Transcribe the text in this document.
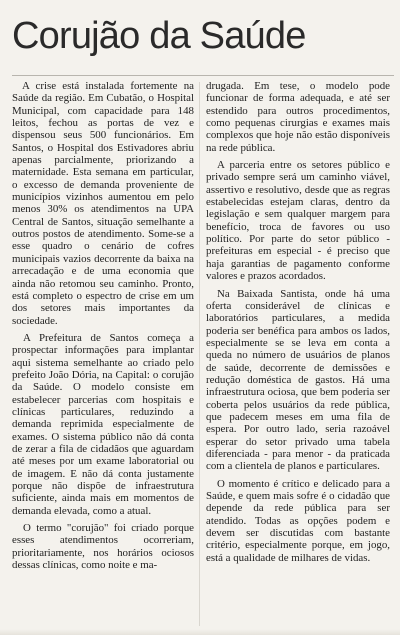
Corujão da Saúde

A crise está instalada fortemente na Saúde da região. Em Cubatão, o Hospital Municipal, com capacidade para 148 leitos, fechou as portas de vez e dispensou seus 500 funcionários. Em Santos, o Hospital dos Estivadores abriu apenas parcialmente, priorizando a maternidade. Esta semana em particular, o excesso de demanda proveniente de municípios vizinhos aumentou em pelo menos 30% os atendimentos na UPA Central de Santos, situação semelhante a outros postos de atendimento. Some-se a esse quadro o cenário de cofres municipais vazios decorrente da baixa na arrecadação e de uma economia que ainda não retomou seu caminho. Pronto, está completo o espectro de crise em um dos setores mais importantes da sociedade.

A Prefeitura de Santos começa a prospectar informações para implantar aqui sistema semelhante ao criado pelo prefeito João Dória, na Capital: o corujão da Saúde. O modelo consiste em estabelecer parcerias com hospitais e clínicas particulares, reduzindo a demanda reprimida especialmente de exames. O sistema público não dá conta de zerar a fila de cidadãos que aguardam até meses por um exame laboratorial ou de imagem. E não dá conta justamente porque não dispõe de infraestrutura suficiente, ainda mais em momentos de demanda elevada, como a atual.

O termo "corujão" foi criado porque esses atendimentos ocorreriam, prioritariamente, nos horários ociosos dessas clínicas, como noite e ma-

drugada. Em tese, o modelo pode funcionar de forma adequada, e até ser estendido para outros procedimentos, como pequenas cirurgias e exames mais complexos que hoje não estão disponíveis na rede pública.

A parceria entre os setores público e privado sempre será um caminho viável, assertivo e resolutivo, desde que as regras estabelecidas estejam claras, dentro da legislação e sem qualquer margem para benefício, troca de favores ou uso político. Por parte do setor público - prefeituras em especial - é preciso que haja garantias de pagamento conforme valores e prazos acordados.

Na Baixada Santista, onde há uma oferta considerável de clínicas e laboratórios particulares, a medida poderia ser benéfica para ambos os lados, especialmente se se leva em conta a queda no número de usuários de planos de saúde, decorrente de demissões e redução doméstica de gastos. Há uma infraestrutura ociosa, que bem poderia ser coberta pelos usuários da rede pública, que padecem meses em uma fila de espera. Por outro lado, seria razoável esperar do setor privado uma tabela diferenciada - para menor - da praticada com a clientela de planos e particulares.

O momento é crítico e delicado para a Saúde, e quem mais sofre é o cidadão que depende da rede pública para ser atendido. Todas as opções podem e devem ser discutidas com bastante critério, especialmente porque, em jogo, está a qualidade de milhares de vidas.
